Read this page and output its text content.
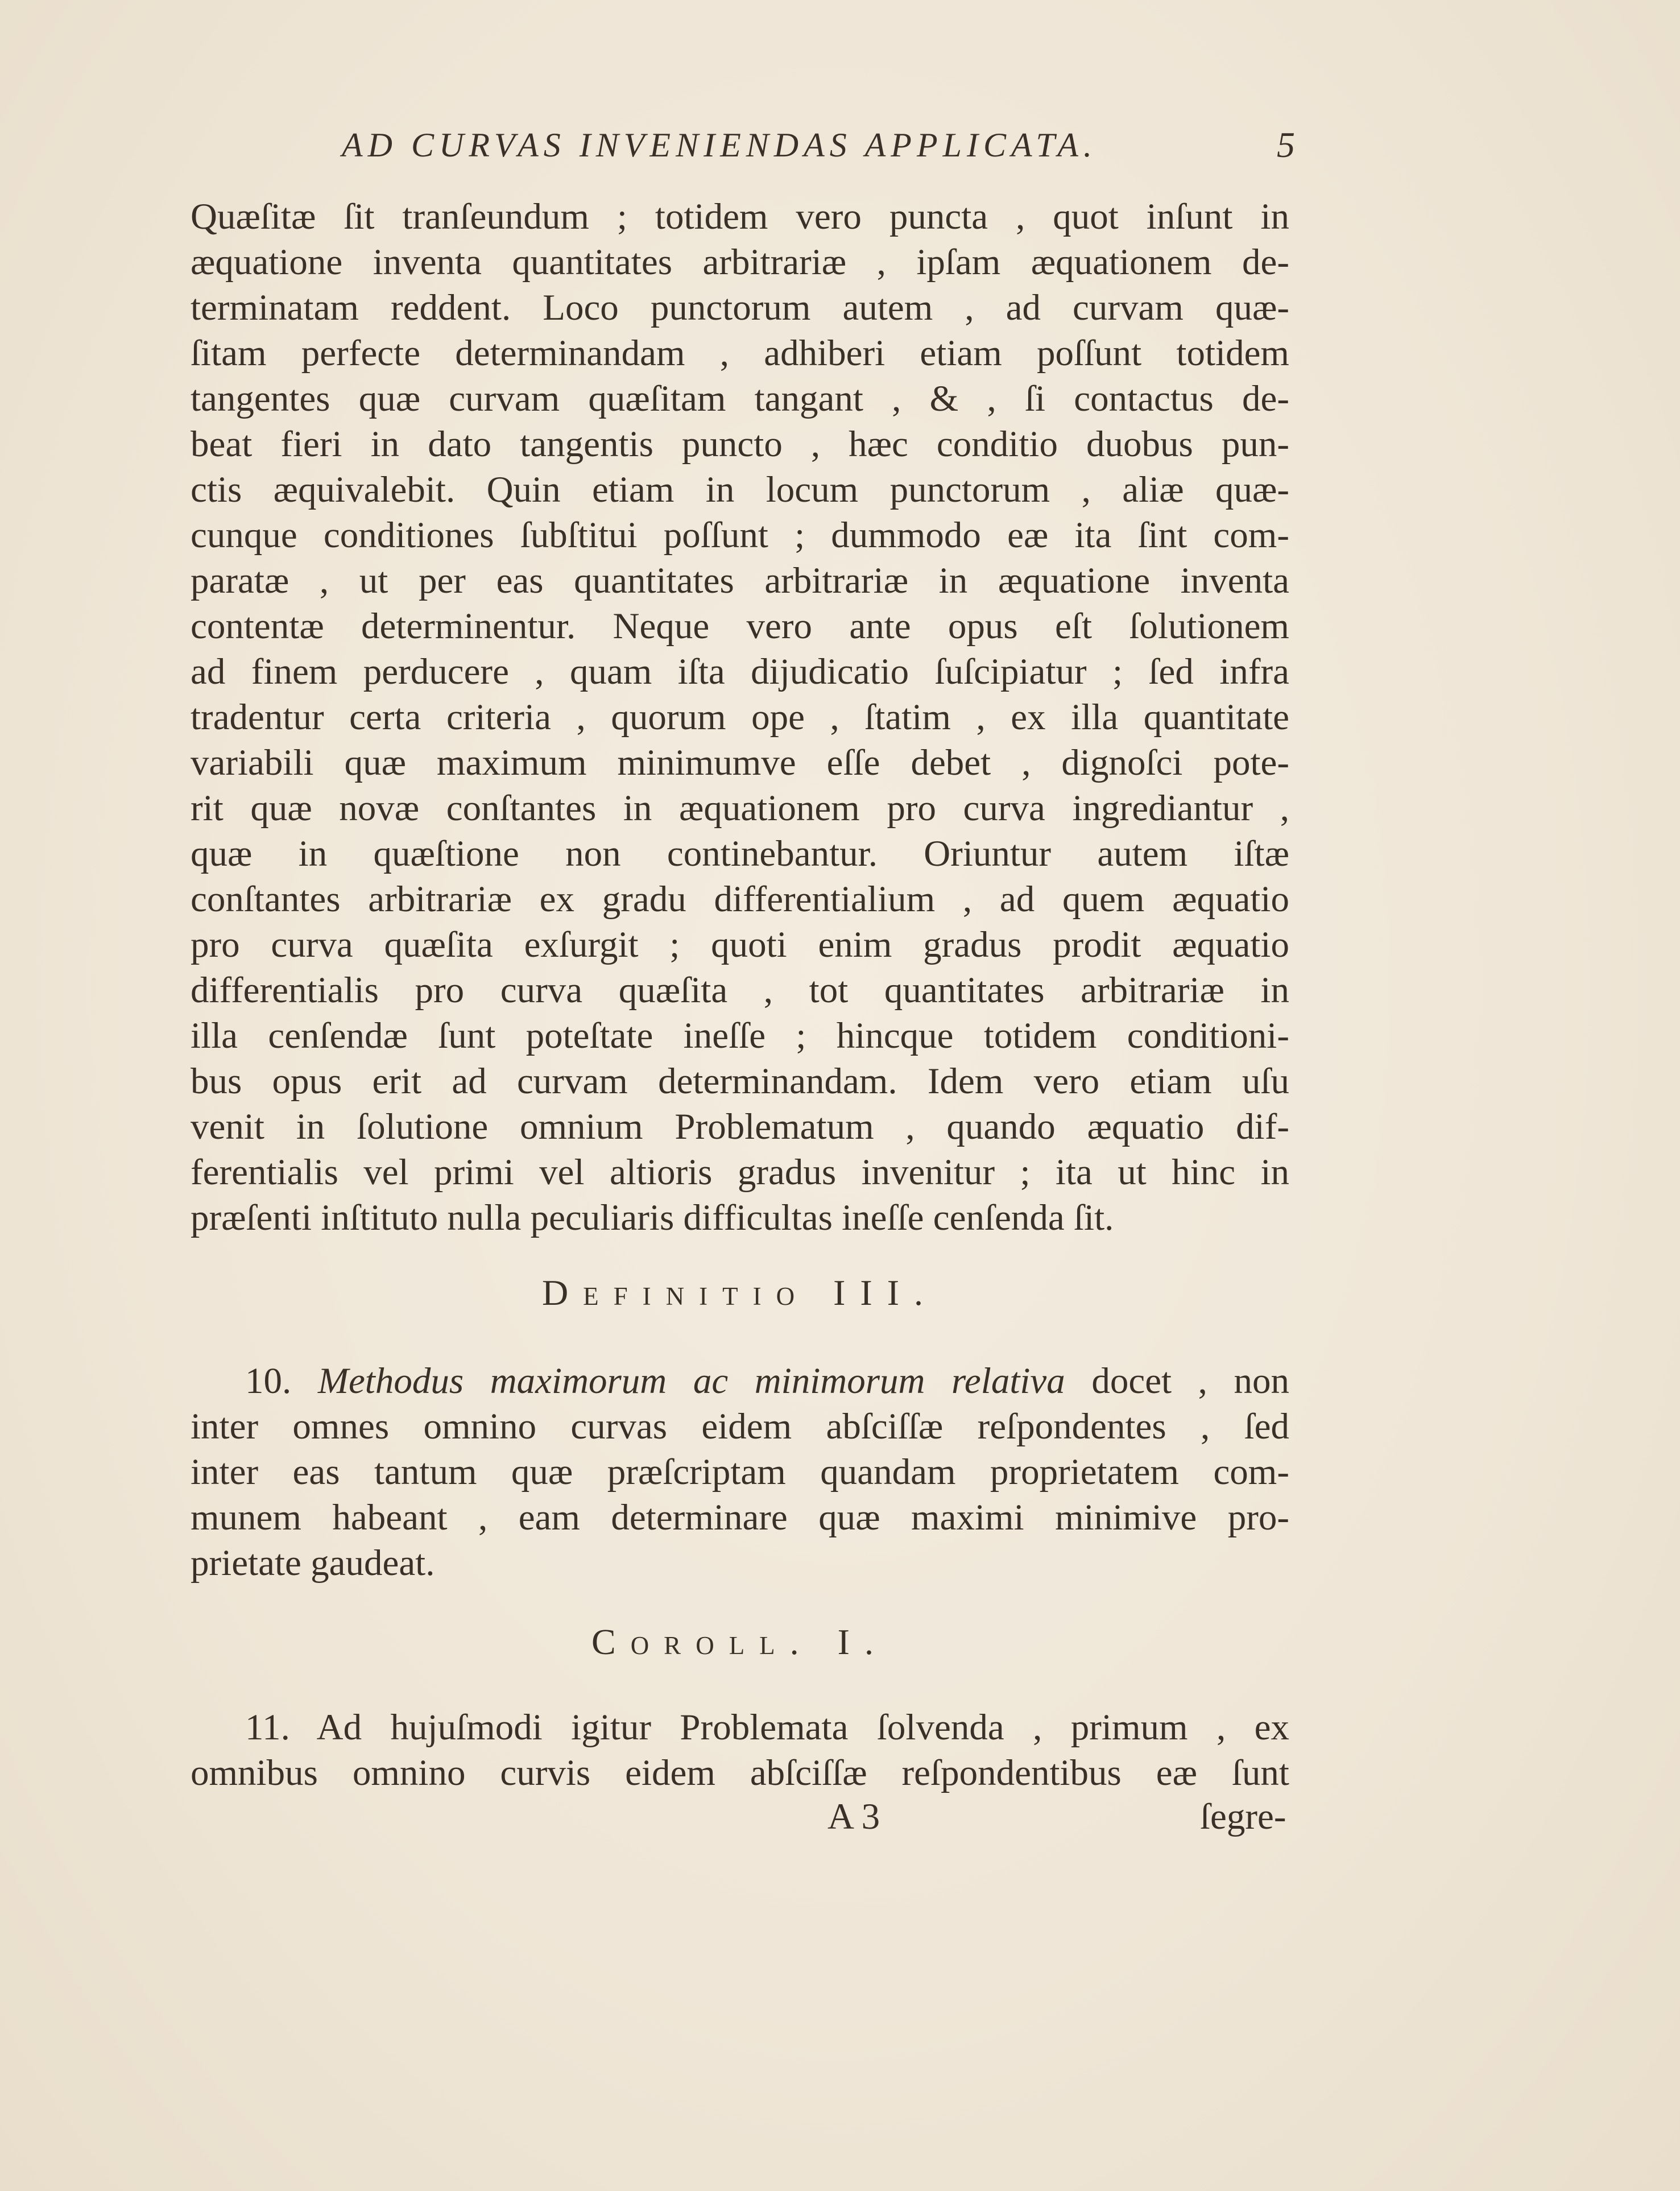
AD CURVAS INVENIENDAS APPLICATA.	5
Quæſitæ ſit tranſeundum ; totidem vero puncta , quot inſunt in
æquatione inventa quantitates arbitrariæ , ipſam æquationem de-
terminatam reddent. Loco punctorum autem , ad curvam quæ-
ſitam perfecte determinandam , adhiberi etiam poſſunt totidem
tangentes quæ curvam quæſitam tangant , & , ſi contactus de-
beat fieri in dato tangentis puncto , hæc conditio duobus pun-
ctis æquivalebit. Quin etiam in locum punctorum , aliæ quæ-
cunque conditiones ſubſtitui poſſunt ; dummodo eæ ita ſint com-
paratæ , ut per eas quantitates arbitrariæ in æquatione inventa
contentæ determinentur. Neque vero ante opus eſt ſolutionem
ad finem perducere , quam iſta dijudicatio ſuſcipiatur ; ſed infra
tradentur certa criteria , quorum ope , ſtatim , ex illa quantitate
variabili quæ maximum minimumve eſſe debet , dignoſci pote-
rit quæ novæ conſtantes in æquationem pro curva ingrediantur ,
quæ in quæſtione non continebantur. Oriuntur autem iſtæ
conſtantes arbitrariæ ex gradu differentialium , ad quem æquatio
pro curva quæſita exſurgit ; quoti enim gradus prodit æquatio
differentialis pro curva quæſita , tot quantitates arbitrariæ in
illa cenſendæ ſunt poteſtate ineſſe ; hincque totidem conditioni-
bus opus erit ad curvam determinandam. Idem vero etiam uſu
venit in ſolutione omnium Problematum , quando æquatio dif-
ferentialis vel primi vel altioris gradus invenitur ; ita ut hinc in
præſenti inſtituto nulla peculiaris difficultas ineſſe cenſenda ſit.
Definitio III.
10. Methodus maximorum ac minimorum relativa docet , non
inter omnes omnino curvas eidem abſciſſæ reſpondentes , ſed
inter eas tantum quæ præſcriptam quandam proprietatem com-
munem habeant , eam determinare quæ maximi minimive pro-
prietate gaudeat.
Coroll. I.
11. Ad hujuſmodi igitur Problemata ſolvenda , primum , ex
omnibus omnino curvis eidem abſciſſæ reſpondentibus eæ ſunt
A 3	ſegre-
